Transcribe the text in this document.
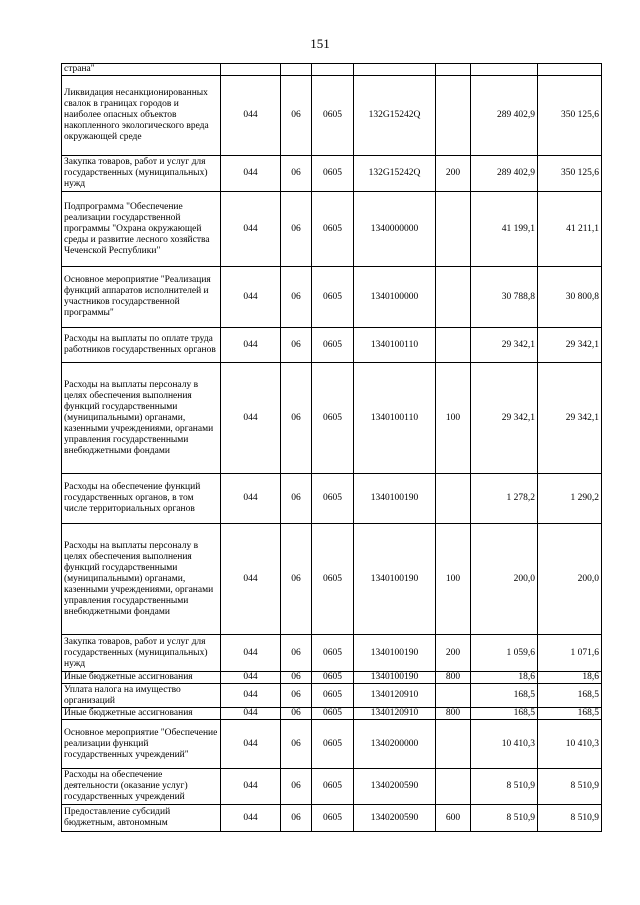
151
страна"							
Ликвидация несанкционированных свалок в границах городов и наиболее опасных объектов накопленного экологического вреда окружающей среде	044	06	0605	132G15242Q		289 402,9	350 125,6
Закупка товаров, работ и услуг для государственных (муниципальных) нужд	044	06	0605	132G15242Q	200	289 402,9	350 125,6
Подпрограмма "Обеспечение реализации государственной программы "Охрана окружающей среды и развитие лесного хозяйства Чеченской Республики"	044	06	0605	1340000000		41 199,1	41 211,1
Основное мероприятие "Реализация функций аппаратов исполнителей и участников государственной программы"	044	06	0605	1340100000		30 788,8	30 800,8
Расходы на выплаты по оплате труда работников государственных органов	044	06	0605	1340100110		29 342,1	29 342,1
Расходы на выплаты персоналу в целях обеспечения выполнения функций государственными (муниципальными) органами, казенными учреждениями, органами управления государственными внебюджетными фондами	044	06	0605	1340100110	100	29 342,1	29 342,1
Расходы на обеспечение функций государственных органов, в том числе территориальных органов	044	06	0605	1340100190		1 278,2	1 290,2
Расходы на выплаты персоналу в целях обеспечения выполнения функций государственными (муниципальными) органами, казенными учреждениями, органами управления государственными внебюджетными фондами	044	06	0605	1340100190	100	200,0	200,0
Закупка товаров, работ и услуг для государственных (муниципальных) нужд	044	06	0605	1340100190	200	1 059,6	1 071,6
Иные бюджетные ассигнования	044	06	0605	1340100190	800	18,6	18,6
Уплата налога на имущество организаций	044	06	0605	1340120910		168,5	168,5
Иные бюджетные ассигнования	044	06	0605	1340120910	800	168,5	168,5
Основное мероприятие "Обеспечение реализации функций государственных учреждений"	044	06	0605	1340200000		10 410,3	10 410,3
Расходы на обеспечение деятельности (оказание услуг) государственных учреждений	044	06	0605	1340200590		8 510,9	8 510,9
Предоставление субсидий бюджетным, автономным	044	06	0605	1340200590	600	8 510,9	8 510,9
